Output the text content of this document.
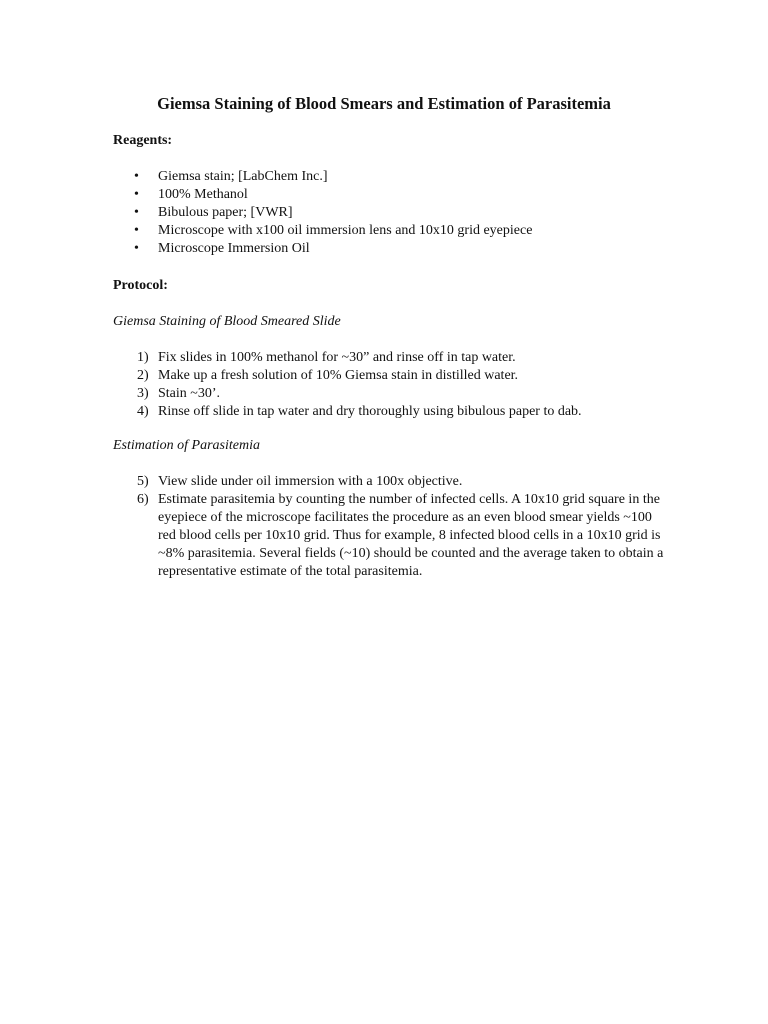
Giemsa Staining of Blood Smears and Estimation of Parasitemia
Reagents:
• Giemsa stain; [LabChem Inc.]
• 100% Methanol
• Bibulous paper; [VWR]
• Microscope with x100 oil immersion lens and 10x10 grid eyepiece
• Microscope Immersion Oil
Protocol:
Giemsa Staining of Blood Smeared Slide
1) Fix slides in 100% methanol for ~30” and rinse off in tap water.
2) Make up a fresh solution of 10% Giemsa stain in distilled water.
3) Stain ~30’.
4) Rinse off slide in tap water and dry thoroughly using bibulous paper to dab.
Estimation of Parasitemia
5) View slide under oil immersion with a 100x objective.
6) Estimate parasitemia by counting the number of infected cells. A 10x10 grid square in the eyepiece of the microscope facilitates the procedure as an even blood smear yields ~100 red blood cells per 10x10 grid. Thus for example, 8 infected blood cells in a 10x10 grid is ~8% parasitemia. Several fields (~10) should be counted and the average taken to obtain a representative estimate of the total parasitemia.
